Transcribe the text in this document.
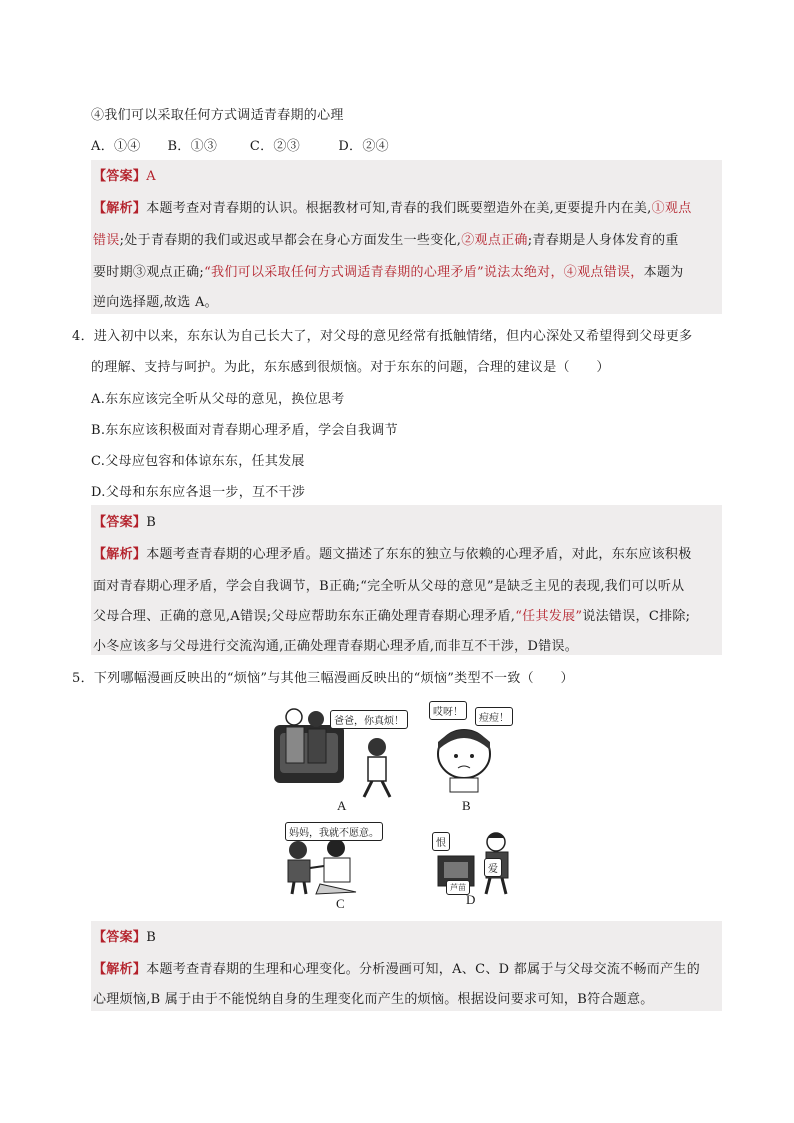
④我们可以采取任何方式调适青春期的心理
A．①④ B．①③	C．②③	D．②④
【答案】A
【解析】本题考查对青春期的认识。根据教材可知,青春的我们既要塑造外在美,更要提升内在美,①观点
错误;处于青春期的我们或迟或早都会在身心方面发生一些变化,②观点正确;青春期是人身体发育的重
要时期③观点正确;“我们可以采取任何方式调适青春期的心理矛盾”说法太绝对，④观点错误，本题为
逆向选择题,故选 A。
4．进入初中以来，东东认为自己长大了，对父母的意见经常有抵触情绪，但内心深处又希望得到父母更多
的理解、支持与呵护。为此，东东感到很烦恼。对于东东的问题，合理的建议是（　　）
A.东东应该完全听从父母的意见，换位思考
B.东东应该积极面对青春期心理矛盾，学会自我调节
C.父母应包容和体谅东东，任其发展
D.父母和东东应各退一步，互不干涉
【答案】B
【解析】本题考查青春期的心理矛盾。题文描述了东东的独立与依赖的心理矛盾，对此，东东应该积极
面对青春期心理矛盾，学会自我调节，B正确;“完全听从父母的意见”是缺乏主见的表现,我们可以听从
父母合理、正确的意见,A错误;父母应帮助东东正确处理青春期心理矛盾,“任其发展”说法错误，C排除;
小冬应该多与父母进行交流沟通,正确处理青春期心理矛盾,而非互不干涉，D错误。
5．下列哪幅漫画反映出的“烦恼”与其他三幅漫画反映出的“烦恼”类型不一致（　　）
爸爸，你真烦！
A
哎呀！
痘痘！
B
妈妈，我就不愿意。
C
恨
爱
芦苗
D
【答案】B
【解析】本题考查青春期的生理和心理变化。分析漫画可知，A、C、D 都属于与父母交流不畅而产生的
心理烦恼,B 属于由于不能悦纳自身的生理变化而产生的烦恼。根据设问要求可知，B符合题意。
